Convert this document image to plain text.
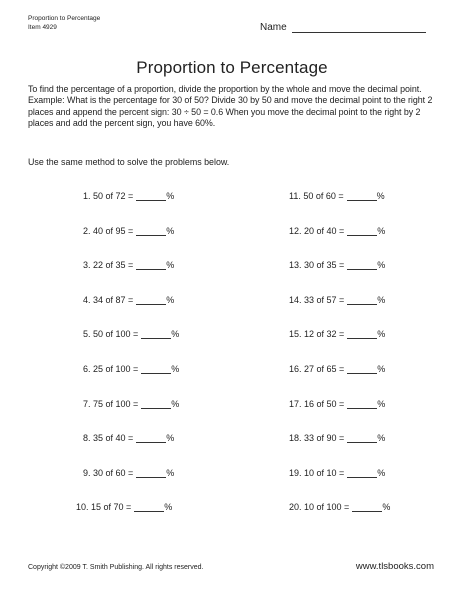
Proportion to Percentage
Item 4929	Name
Proportion to Percentage
To find the percentage of a proportion, divide the proportion by the whole and move the decimal point. Example: What is the percentage for 30 of 50? Divide 30 by 50 and move the decimal point to the right 2 places and append the percent sign: 30 ÷ 50 = 0.6 When you move the decimal point to the right by 2 places and add the percent sign, you have 60%.
Use the same method to solve the problems below.
1. 50 of 72 =	%
2. 40 of 95 =	%
3. 22 of 35 =	%
4. 34 of 87 =	%
5. 50 of 100 =	%
6. 25 of 100 =	%
7. 75 of 100 =	%
8. 35 of 40 =	%
9. 30 of 60 =	%
10. 15 of 70 =	%
11. 50 of 60 =	%
12. 20 of 40 =	%
13. 30 of 35 =	%
14. 33 of 57 =	%
15. 12 of 32 =	%
16. 27 of 65 =	%
17. 16 of 50 =	%
18. 33 of 90 =	%
19. 10 of 10 =	%
20. 10 of 100 =	%
Copyright ©2009 T. Smith Publishing. All rights reserved.	www.tlsbooks.com
